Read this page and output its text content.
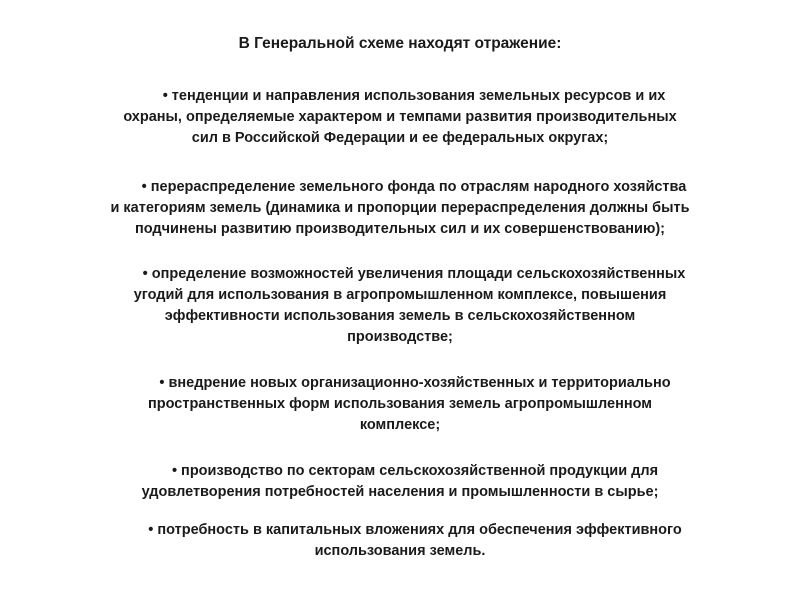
В Генеральной схеме находят отражение:
• тенденции и направления использования земельных ресурсов и их
охраны, определяемые характером и темпами развития производительных
сил в Российской Федерации и ее федеральных округах;
• перераспределение земельного фонда по отраслям народного хозяйства
и категориям земель (динамика и пропорции перераспределения должны быть
подчинены развитию производительных сил и их совершенствованию);
• определение возможностей увеличения площади сельскохозяйственных
угодий для использования в агропромышленном комплексе, повышения
эффективности использования земель в сельскохозяйственном
производстве;
• внедрение новых организационно-хозяйственных и территориально
пространственных форм использования земель агропромышленном
комплексе;
• производство по секторам сельскохозяйственной продукции для
удовлетворения потребностей населения и промышленности в сырье;
• потребность в капитальных вложениях для обеспечения эффективного
использования земель.
